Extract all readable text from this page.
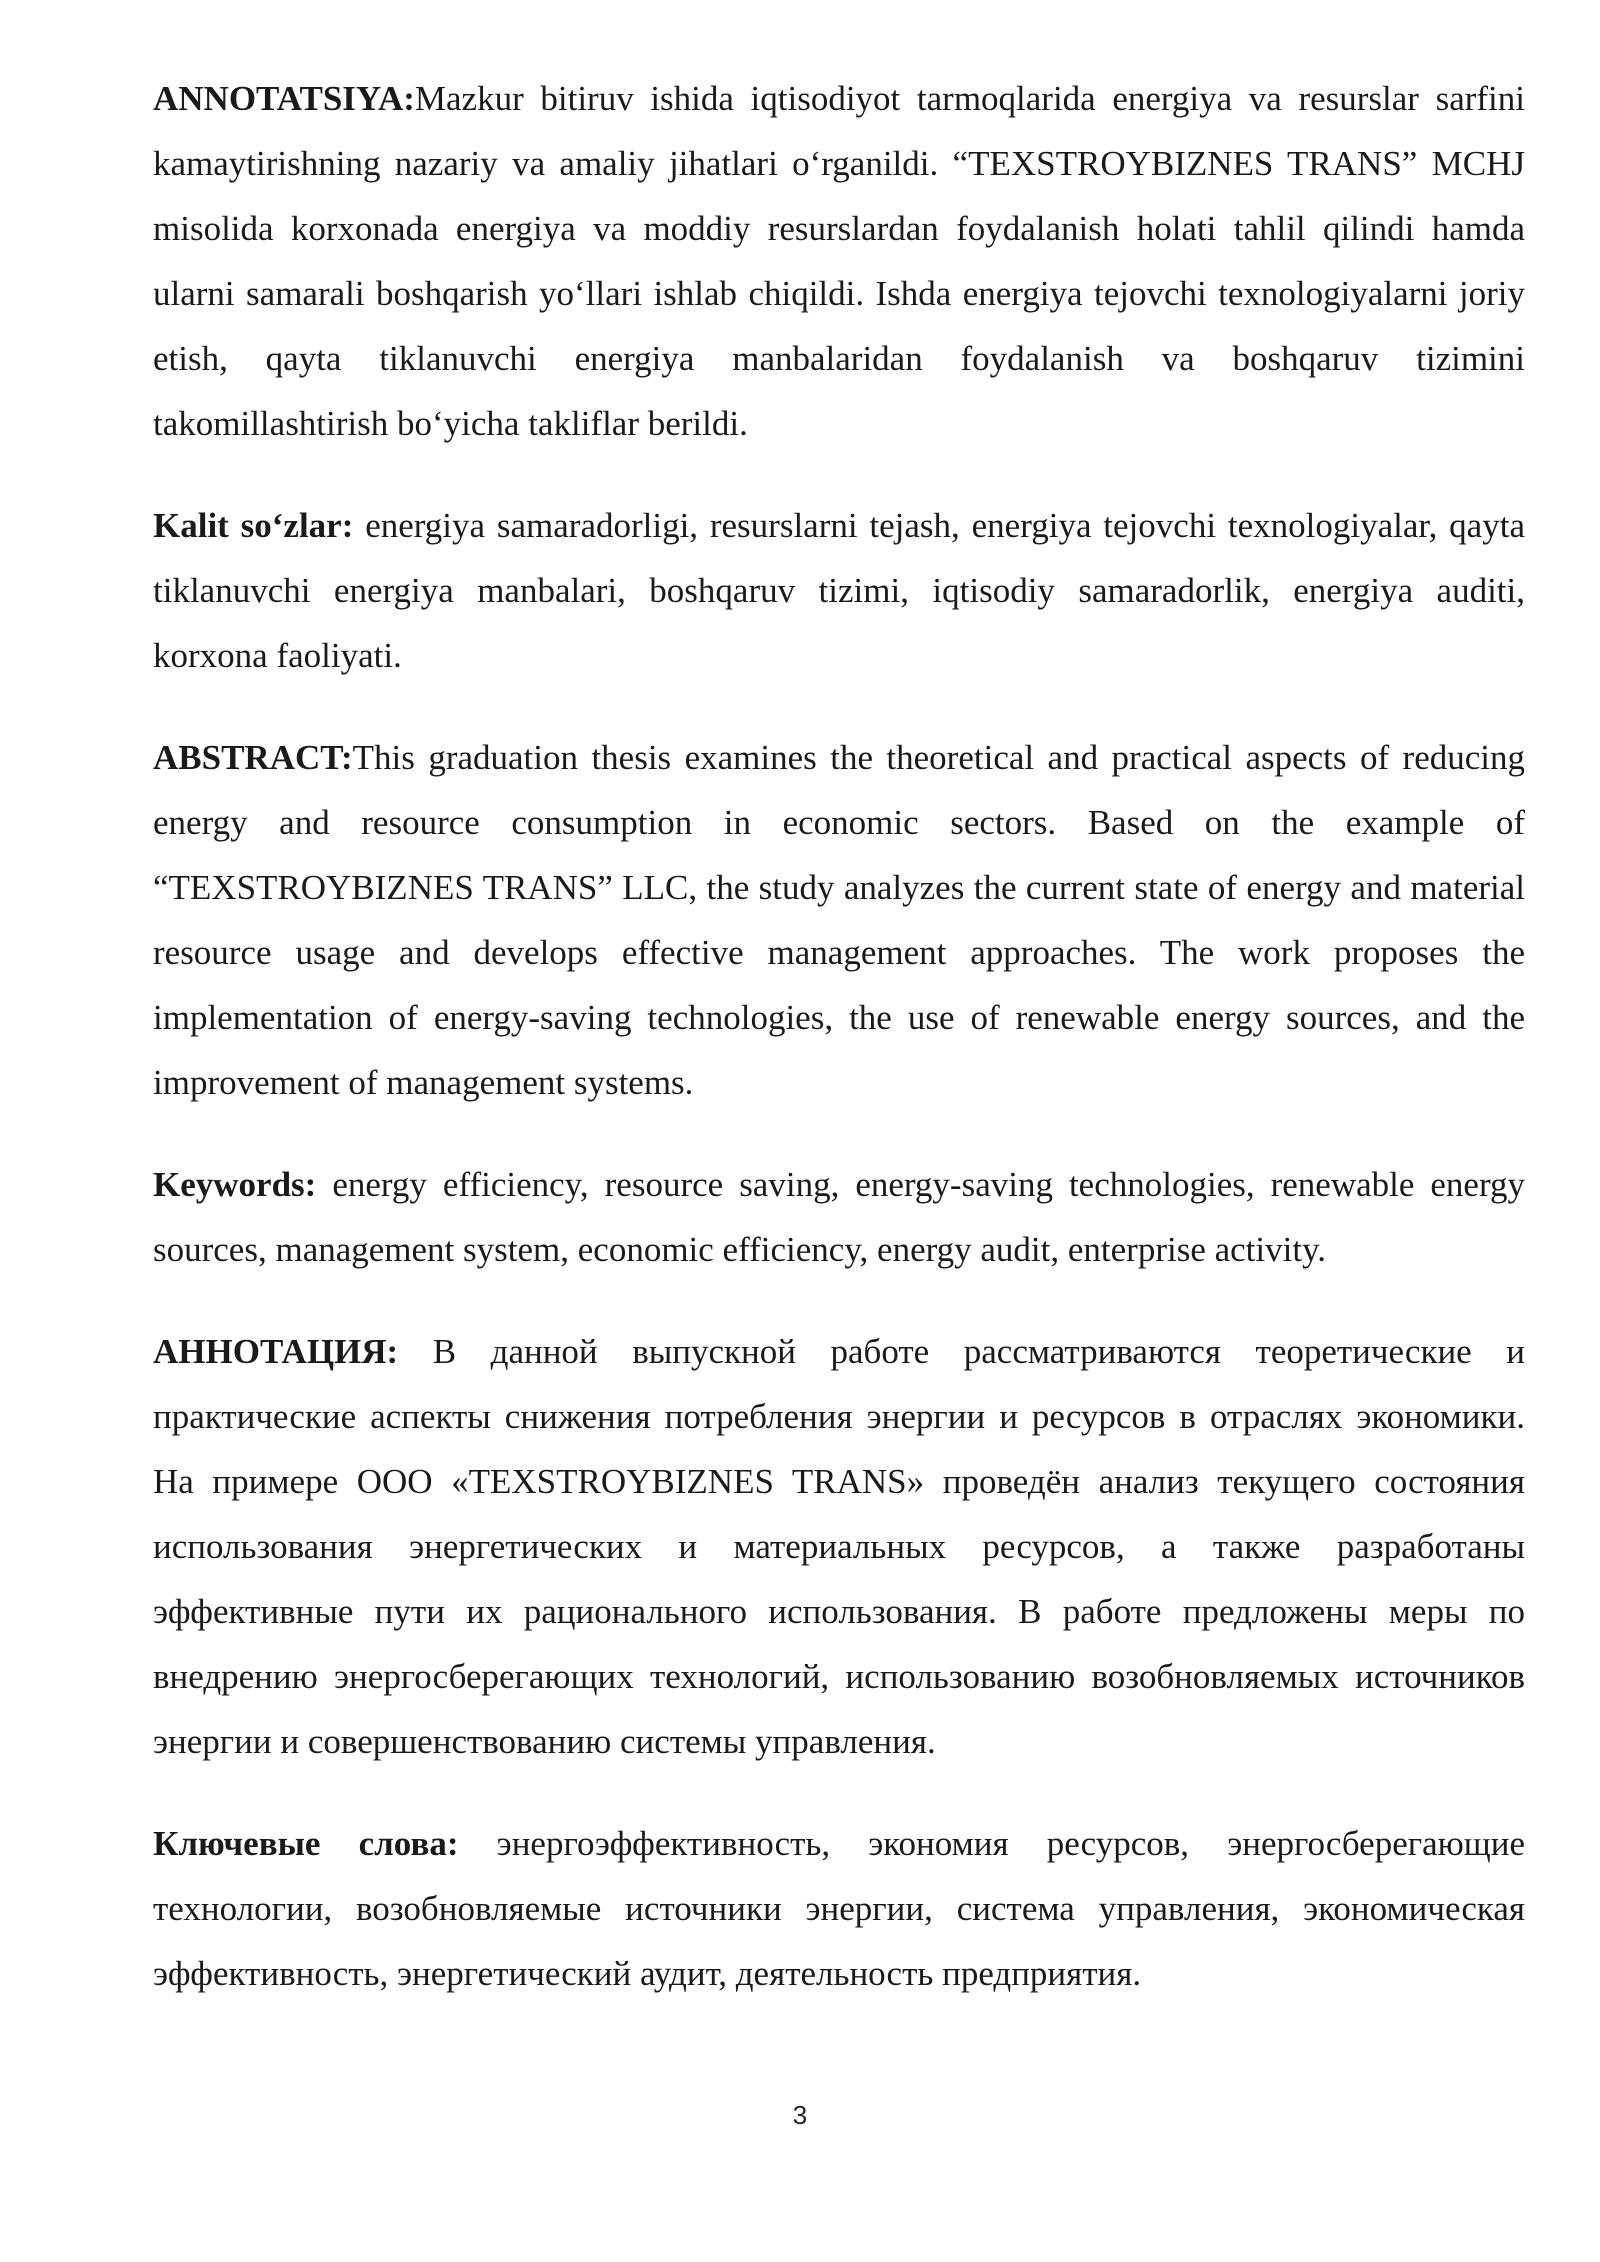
ANNOTATSIYA:Mazkur bitiruv ishida iqtisodiyot tarmoqlarida energiya va resurslar sarfini kamaytirishning nazariy va amaliy jihatlari o‘rganildi. “TEXSTROYBIZNES TRANS” MCHJ misolida korxonada energiya va moddiy resurslardan foydalanish holati tahlil qilindi hamda ularni samarali boshqarish yo‘llari ishlab chiqildi. Ishda energiya tejovchi texnologiyalarni joriy etish, qayta tiklanuvchi energiya manbalaridan foydalanish va boshqaruv tizimini takomillashtirish bo‘yicha takliflar berildi.

Kalit so‘zlar: energiya samaradorligi, resurslarni tejash, energiya tejovchi texnologiyalar, qayta tiklanuvchi energiya manbalari, boshqaruv tizimi, iqtisodiy samaradorlik, energiya auditi, korxona faoliyati.

ABSTRACT:This graduation thesis examines the theoretical and practical aspects of reducing energy and resource consumption in economic sectors. Based on the example of “TEXSTROYBIZNES TRANS” LLC, the study analyzes the current state of energy and material resource usage and develops effective management approaches. The work proposes the implementation of energy-saving technologies, the use of renewable energy sources, and the improvement of management systems.

Keywords: energy efficiency, resource saving, energy-saving technologies, renewable energy sources, management system, economic efficiency, energy audit, enterprise activity.

АННОТАЦИЯ: В данной выпускной работе рассматриваются теоретические и практические аспекты снижения потребления энергии и ресурсов в отраслях экономики. На примере ООО «TEXSTROYBIZNES TRANS» проведён анализ текущего состояния использования энергетических и материальных ресурсов, а также разработаны эффективные пути их рационального использования. В работе предложены меры по внедрению энергосберегающих технологий, использованию возобновляемых источников энергии и совершенствованию системы управления.

Ключевые слова: энергоэффективность, экономия ресурсов, энергосберегающие технологии, возобновляемые источники энергии, система управления, экономическая эффективность, энергетический аудит, деятельность предприятия.

3
